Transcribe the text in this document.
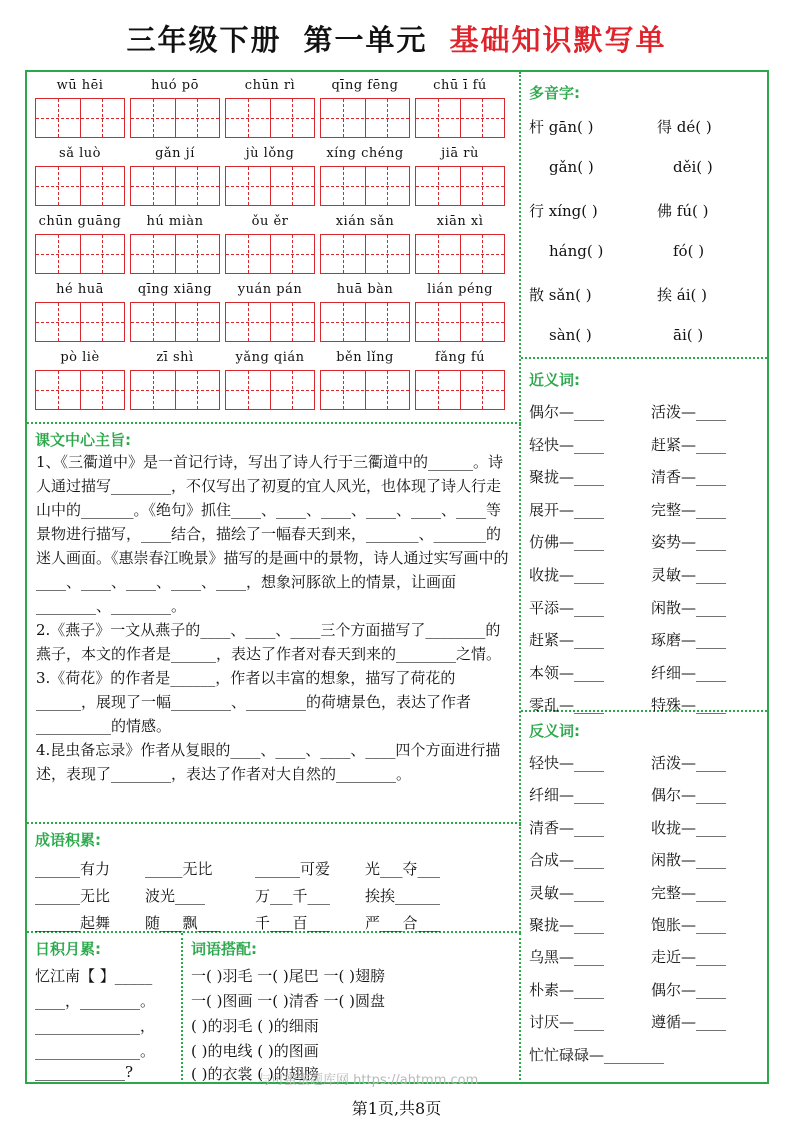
三年级下册 第一单元 基础知识默写单
wū hēi	huó pō	chūn rì	qīng fēng	chū ī fú
sǎ luò	gǎn jí	jù lǒng	xíng chéng	jiā rù
chūn guāng	hú miàn	ǒu ěr	xián sǎn	xiān xì
hé huā	qīng xiāng	yuán pán	huā bàn	lián péng
pò liè	zī shì	yǎng qián	běn lǐng	fǎng fú
课文中心主旨:

1、《三衢道中》是一首记行诗，写出了诗人行于三衢道中的______。诗人通过描写________，不仅写出了初夏的宜人风光，也体现了诗人行走山中的_______。《绝句》抓住____、____、____、____、____、____等景物进行描写，____结合，描绘了一幅春天到来，_______、_______的迷人画面。《惠崇春江晚景》描写的是画中的景物，诗人通过实写画中的____、____、____、____、____，想象河豚欲上的情景，让画面________、________。

2.《燕子》一文从燕子的____、____、____三个方面描写了________的燕子，本文的作者是______，表达了作者对春天到来的________之情。

3.《荷花》的作者是______，作者以丰富的想象，描写了荷花的______，展现了一幅________、________的荷塘景色，表达了作者__________的情感。

4.昆虫备忘录》作者从复眼的____、____、____、____四个方面进行描述，表现了________，表达了作者对大自然的________。

成语积累:
______有力 _____无比	______可爱 光___夺___
______无比 波光____	万___千___ 挨挨______
______起舞 随___飘___ 千___百___ 严___合___
日积月累:
忆江南【 】_____
____，________。
______________，
______________。
____________?
词语搭配:
一( )羽毛 一( )尾巴 一( )翅膀
一( )图画 一( )清香 一( )圆盘
( )的羽毛 ( )的细雨
( )的电线 ( )的图画
( )的衣裳 ( )的翅膀
多音字:
杆 gān( )	得 dé( )
gǎn( )	děi( )
行 xíng( )	佛 fú( )
háng( )	fó( )
散 sǎn( )	挨 ái( )
sàn( )	āi( )
近义词:
偶尔—____	活泼—____
轻快—____	赶紧—____
聚拢—____	清香—____
展开—____	完整—____
仿佛—____	姿势—____
收拢—____	灵敏—____
平添—____	闲散—____
赶紧—____	琢磨—____
本领—____	纤细—____
零乱—____	特殊—____
反义词:
忙忙碌碌—________
轻快—____	活泼—____
纤细—____	偶尔—____
清香—____	收拢—____
合成—____	闲散—____
灵敏—____	完整—____
聚拢—____	饱胀—____
乌黑—____	走近—____
朴素—____	偶尔—____
讨厌—____	遵循—____
与可蜜蜜题库网 https://ahtmm.com
第1页,共8页
